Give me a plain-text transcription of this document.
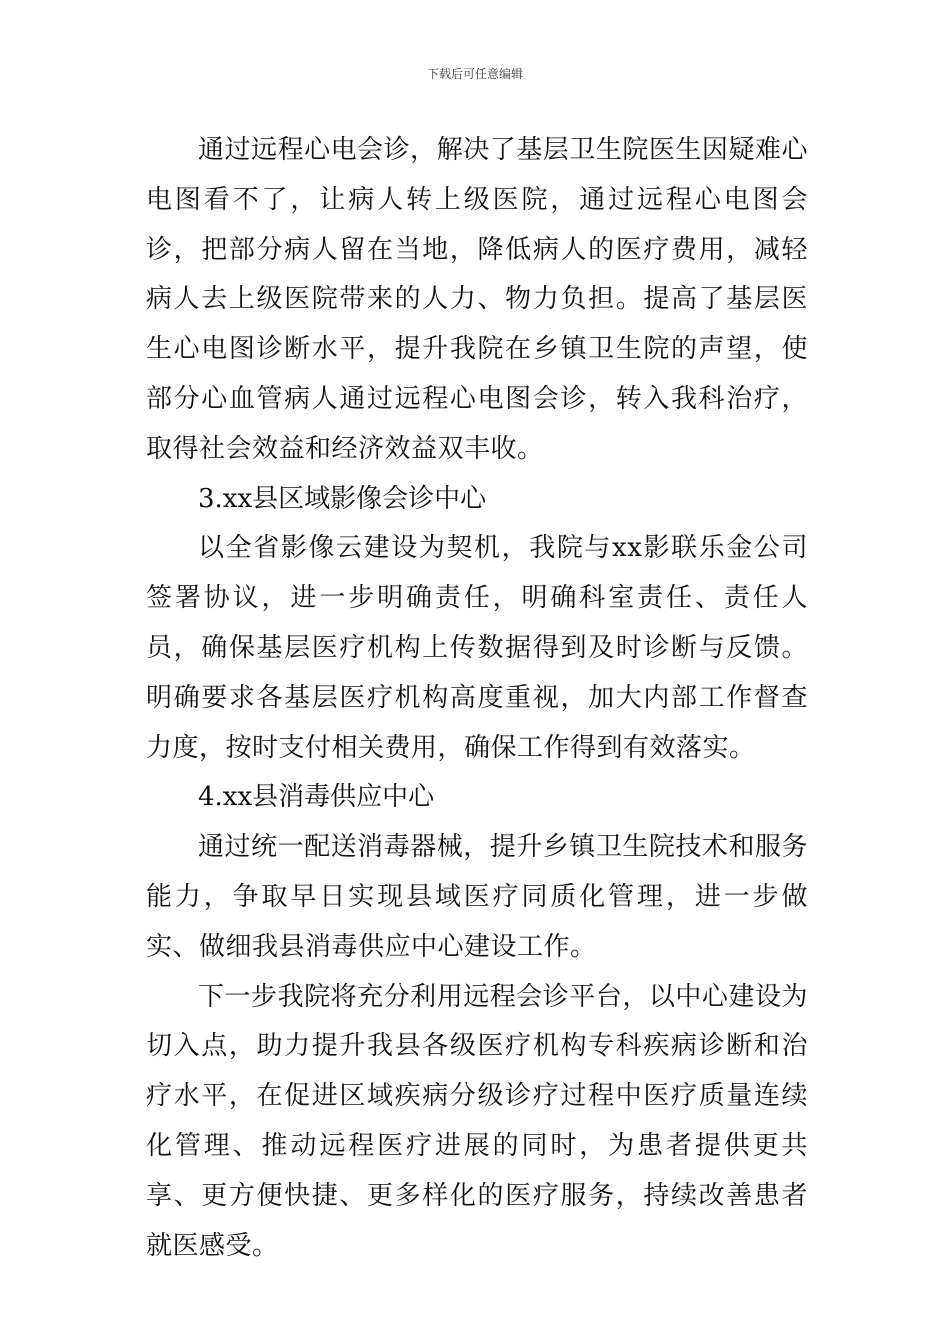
下载后可任意编辑

通过远程心电会诊，解决了基层卫生院医生因疑难心电图看不了，让病人转上级医院，通过远程心电图会诊，把部分病人留在当地，降低病人的医疗费用，减轻病人去上级医院带来的人力、物力负担。提高了基层医生心电图诊断水平，提升我院在乡镇卫生院的声望，使部分心血管病人通过远程心电图会诊，转入我科治疗，取得社会效益和经济效益双丰收。

3.xx县区域影像会诊中心

以全省影像云建设为契机，我院与xx影联乐金公司签署协议，进一步明确责任，明确科室责任、责任人员，确保基层医疗机构上传数据得到及时诊断与反馈。明确要求各基层医疗机构高度重视，加大内部工作督查力度，按时支付相关费用，确保工作得到有效落实。

4.xx县消毒供应中心

通过统一配送消毒器械，提升乡镇卫生院技术和服务能力，争取早日实现县域医疗同质化管理，进一步做实、做细我县消毒供应中心建设工作。

下一步我院将充分利用远程会诊平台，以中心建设为切入点，助力提升我县各级医疗机构专科疾病诊断和治疗水平，在促进区域疾病分级诊疗过程中医疗质量连续化管理、推动远程医疗进展的同时，为患者提供更共享、更方便快捷、更多样化的医疗服务，持续改善患者就医感受。
